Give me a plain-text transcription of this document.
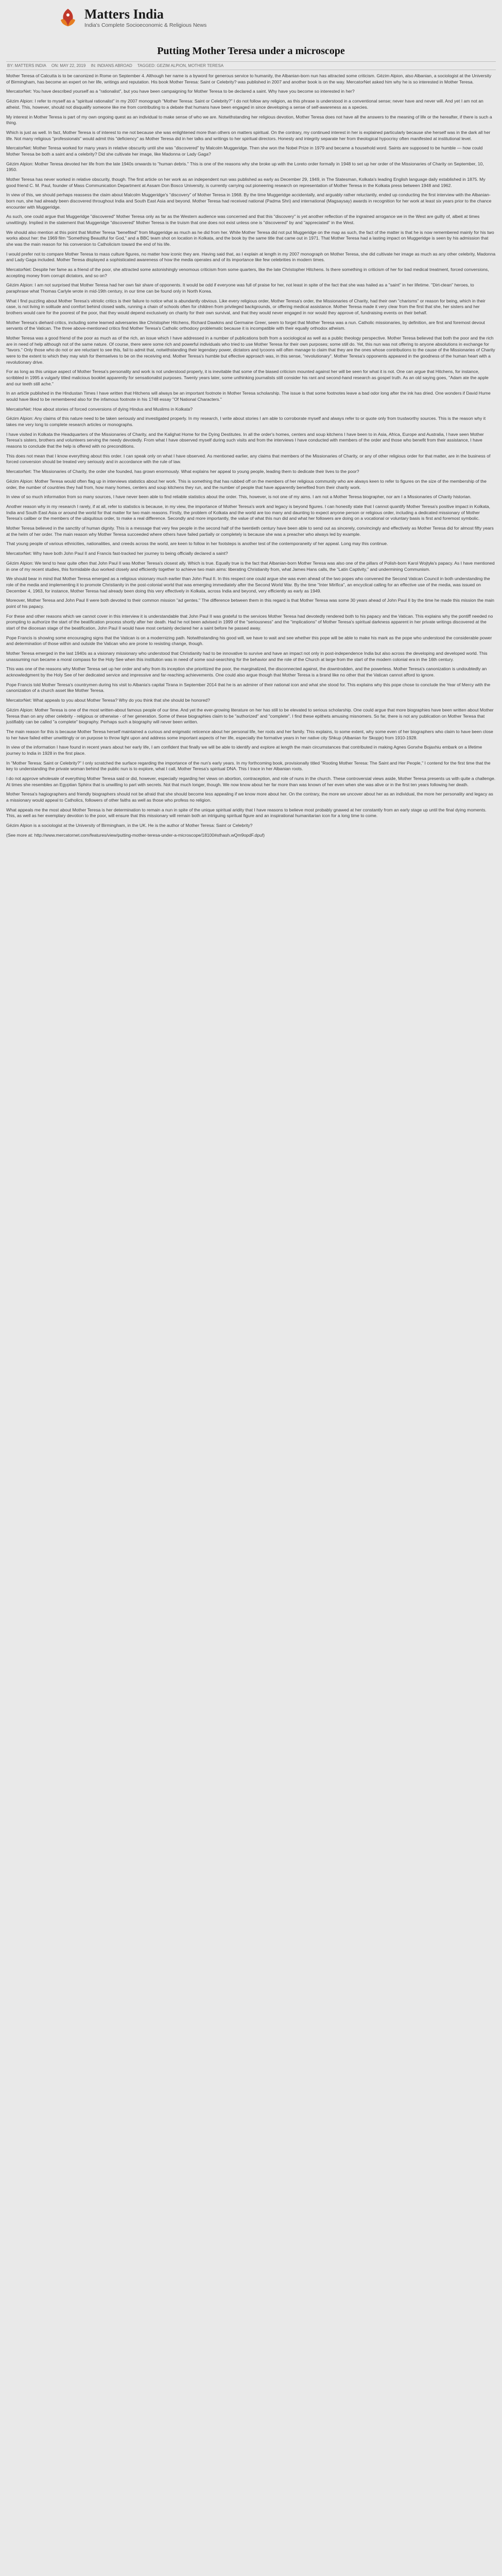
Matters India
India's Complete Socioeconomic & Religious News
Putting Mother Teresa under a microscope
BY: MATTERS INDIA ON: MAY 22, 2019 IN: INDIANS ABROAD TAGGED: GEZIM ALPION, MOTHER TERESA

Mother Teresa of Calcutta is to be canonized in Rome on September 4. Although her name is a byword for generous service to humanity, the Albanian-born nun has attracted some criticism. Gëzim Alpion, also Albanian, a sociologist at the University of Birmingham, has become an expert on her life, writings and reputation. His book Mother Teresa: Saint or Celebrity? was published in 2007 and another book is on the way. MercatorNet asked him why he is so interested in Mother Teresa.

MercatorNet: You have described yourself as a "rationalist", but you have been campaigning for Mother Teresa to be declared a saint. Why have you become so interested in her?

Gëzim Alpion: I refer to myself as a "spiritual rationalist" in my 2007 monograph "Mother Teresa: Saint or Celebrity?" I do not follow any religion, as this phrase is understood in a conventional sense; never have and never will. And yet I am not an atheist. This, however, should not disqualify someone like me from contributing to a debate that humans have been engaged in since developing a sense of self-awareness as a species.

My interest in Mother Teresa is part of my own ongoing quest as an individual to make sense of who we are. Notwithstanding her religious devotion, Mother Teresa does not have all the answers to the meaning of life or the hereafter, if there is such a thing.

Which is just as well. In fact, Mother Teresa is of interest to me not because she was enlightened more than others on matters spiritual. On the contrary, my continued interest in her is explained particularly because she herself was in the dark all her life. Not many religious "professionals" would admit this "deficiency" as Mother Teresa did in her talks and writings to her spiritual directors. Honesty and integrity separate her from theological hypocrisy often manifested at institutional level.

MercatorNet: Mother Teresa worked for many years in relative obscurity until she was "discovered" by Malcolm Muggeridge. Then she won the Nobel Prize in 1979 and became a household word. Saints are supposed to be humble — how could Mother Teresa be both a saint and a celebrity? Did she cultivate her image, like Madonna or Lady Gaga?

Gëzim Alpion: Mother Teresa devoted her life from the late 1940s onwards to "human debris." This is one of the reasons why she broke up with the Loreto order formally in 1948 to set up her order of the Missionaries of Charity on September, 10, 1950.

Mother Teresa has never worked in relative obscurity, though. The first article on her work as an independent nun was published as early as December 29, 1949, in The Statesman, Kolkata's leading English language daily established in 1875. My good friend C. M. Paul, founder of Mass Communication Department at Assam Don Bosco University, is currently carrying out pioneering research on representation of Mother Teresa in the Kolkata press between 1948 and 1962.

In view of this, we should perhaps reassess the claim about Malcolm Muggeridge's "discovery" of Mother Teresa in 1968. By the time Muggeridge accidentally, and arguably rather reluctantly, ended up conducting the first interview with the Albanian-born nun, she had already been discovered throughout India and South East Asia and beyond. Mother Teresa had received national (Padma Shri) and international (Magsaysay) awards in recognition for her work at least six years prior to the chance encounter with Muggeridge.

As such, one could argue that Muggeridge "discovered" Mother Teresa only as far as the Western audience was concerned and that this "discovery" is yet another reflection of the ingrained arrogance we in the West are guilty of, albeit at times unwittingly. Implied in the statement that Muggeridge "discovered" Mother Teresa is the truism that one does not exist unless one is "discovered" by and "appreciated" in the West.

We should also mention at this point that Mother Teresa "benefited" from Muggeridge as much as he did from her. While Mother Teresa did not put Muggeridge on the map as such, the fact of the matter is that he is now remembered mainly for his two works about her: the 1969 film "Something Beautiful for God," and a BBC team shot on location in Kolkata, and the book by the same title that came out in 1971. That Mother Teresa had a lasting impact on Muggeridge is seen by his admission that she was the main reason for his conversion to Catholicism toward the end of his life.

I would prefer not to compare Mother Teresa to mass culture figures, no matter how iconic they are. Having said that, as I explain at length in my 2007 monograph on Mother Teresa, she did cultivate her image as much as any other celebrity, Madonna and Lady Gaga included. Mother Teresa displayed a sophisticated awareness of how the media operates and of its importance like few celebrities in modern times.

MercatorNet: Despite her fame as a friend of the poor, she attracted some astonishingly venomous criticism from some quarters, like the late Christopher Hitchens. Is there something in criticism of her for bad medical treatment, forced conversions, accepting money from corrupt dictators, and so on?

Gëzim Alpion: I am not surprised that Mother Teresa had her own fair share of opponents. It would be odd if everyone was full of praise for her, not least in spite of the fact that she was hailed as a "saint" in her lifetime. "Dirt-clean" heroes, to paraphrase what Thomas Carlyle wrote in mid-19th century, in our time can be found only in North Korea.

What I find puzzling about Mother Teresa's vitriolic critics is their failure to notice what is abundantly obvious. Like every religious order, Mother Teresa's order, the Missionaries of Charity, had their own "charisms" or reason for being, which in their case, is not living in solitude and comfort behind closed walls, running a chain of schools often for children from privileged backgrounds, or offering medical assistance. Mother Teresa made it very clear from the first that she, her sisters and her brothers would care for the poorest of the poor, that they would depend exclusively on charity for their own survival, and that they would never engaged in nor would they approve of, fundraising events on their behalf.

Mother Teresa's diehard critics, including some learned adversaries like Christopher Hitchens, Richard Dawkins and Germaine Greer, seem to forget that Mother Teresa was a nun. Catholic missionaries, by definition, are first and foremost devout servants of the Vatican. The three above-mentioned critics find Mother Teresa's Catholic orthodoxy problematic because it is incompatible with their equally orthodox atheism.

Mother Teresa was a good friend of the poor as much as of the rich, an issue which I have addressed in a number of publications both from a sociological as well as a public theology perspective. Mother Teresa believed that both the poor and the rich are in need of help although not of the same nature. Of course, there were some rich and powerful individuals who tried to use Mother Teresa for their own purposes; some still do. Yet, this nun was not offering to anyone absolutions in exchange for "favors." Only those who do not or are reluctant to see this, fail to admit that, notwithstanding their legendary power, dictators and tycoons will often manage to claim that they are the ones whose contributions to the cause of the Missionaries of Charity were to the extent to which they may wish for themselves to be on the receiving end. Mother Teresa's humble but effective approach was, in this sense, "revolutionary". Mother Teresa's opponents appeared in the goodness of the human heart with a revolutionary drive.

For as long as this unique aspect of Mother Teresa's personality and work is not understood properly, it is inevitable that some of the biased criticism mounted against her will be seen for what it is not. One can argue that Hitchens, for instance, scribbled in 1995 a vulgarly titled malicious booklet apparently for sensationalist purposes. Twenty years later, some unthinking journalists still consider his rant and second-hand research as gospel truth. As an old saying goes, "Adam ate the apple and our teeth still ache."

In an article published in the Hindustan Times I have written that Hitchens will always be an important footnote in Mother Teresa scholarship. The issue is that some footnotes leave a bad odor long after the ink has dried. One wonders if David Hume would have liked to be remembered also for the infamous footnote in his 1748 essay "Of National Characters."

MercatorNet: How about stories of forced conversions of dying Hindus and Muslims in Kolkata?

Gëzim Alpion: Any claims of this nature need to be taken seriously and investigated properly. In my research, I write about stories I am able to corroborate myself and always refer to or quote only from trustworthy sources. This is the reason why it takes me very long to complete research articles or monographs.

I have visited in Kolkata the Headquarters of the Missionaries of Charity, and the Kalighat Home for the Dying Destitutes. In all the order's homes, centers and soup kitchens I have been to in Asia, Africa, Europe and Australia, I have seen Mother Teresa's sisters, brothers and volunteers serving the needy devotedly. From what I have observed myself during such visits and from the interviews I have conducted with members of the order and those who benefit from their assistance, I have reasons to conclude that the help is offered with no preconditions.

This does not mean that I know everything about this order. I can speak only on what I have observed. As mentioned earlier, any claims that members of the Missionaries of Charity, or any of other religious order for that matter, are in the business of forced conversion should be treated very seriously and in accordance with the rule of law.

MercatorNet: The Missionaries of Charity, the order she founded, has grown enormously. What explains her appeal to young people, leading them to dedicate their lives to the poor?

Gëzim Alpion: Mother Teresa would often flag up in interviews statistics about her work. This is something that has rubbed off on the members of her religious community who are always keen to refer to figures on the size of the membership of the order, the number of countries they hail from, how many homes, centers and soup kitchens they run, and the number of people that have apparently benefited from their charity work.

In view of so much information from so many sources, I have never been able to find reliable statistics about the order. This, however, is not one of my aims. I am not a Mother Teresa biographer, nor am I a Missionaries of Charity historian.

Another reason why in my research I rarely, if at all, refer to statistics is because, in my view, the importance of Mother Teresa's work and legacy is beyond figures. I can honestly state that I cannot quantify Mother Teresa's positive impact in Kolkata, India and South East Asia or around the world for that matter for two main reasons. Firstly, the problem of Kolkata and the world are too many and daunting to expect anyone person or religious order, including a dedicated missionary of Mother Teresa's caliber or the members of the ubiquitous order, to make a real difference. Secondly and more importantly, the value of what this nun did and what her followers are doing on a vocational or voluntary basis is first and foremost symbolic.

Mother Teresa believed in the sanctity of human dignity. This is a message that very few people in the second half of the twentieth century have been able to send out as sincerely, convincingly and effectively as Mother Teresa did for almost fifty years at the helm of her order. The main reason why Mother Teresa succeeded where others have failed partially or completely is because she was a preacher who always led by example.

That young people of various ethnicities, nationalities, and creeds across the world, are keen to follow in her footsteps is another test of the contemporaneity of her appeal. Long may this continue.

MercatorNet: Why have both John Paul II and Francis fast-tracked her journey to being officially declared a saint?

Gëzim Alpion: We tend to hear quite often that John Paul II was Mother Teresa's closest ally. Which is true. Equally true is the fact that Albanian-born Mother Teresa was also one of the pillars of Polish-born Karol Wojtyła's papacy. As I have mentioned in one of my recent studies, this formidable duo worked closely and efficiently together to achieve two main aims: liberating Christianity from, what James Hans calls, the "Latin Captivity," and undermining Communism.

We should bear in mind that Mother Teresa emerged as a religious visionary much earlier than John Paul II. In this respect one could argue she was even ahead of the two popes who convened the Second Vatican Council in both understanding the role of the media and implementing it to promote Christianity in the post-colonial world that was emerging immediately after the Second World War. By the time "Inter Mirifica", an encyclical calling for an effective use of the media, was issued on December 4, 1963, for instance, Mother Teresa had already been doing this very effectively in Kolkata, across India and beyond, very efficiently as early as 1949.

Moreover, Mother Teresa and John Paul II were both devoted to their common mission "ad gentes." The difference between them in this regard is that Mother Teresa was some 30 years ahead of John Paul II by the time he made this mission the main point of his papacy.

For these and other reasons which we cannot cover in this interview it is understandable that John Paul II was grateful to the services Mother Teresa had devotedly rendered both to his papacy and the Vatican. This explains why the pontiff needed no prompting to authorize the start of the beatification process shortly after her death. Had he not been advised in 1999 of the "seriousness" and the "implications" of Mother Teresa's spiritual darkness apparent in her private writings discovered at the start of the diocesan stage of the beatification, John Paul II would have most certainly declared her a saint before he passed away.

Pope Francis is showing some encouraging signs that the Vatican is on a modernizing path. Notwithstanding his good will, we have to wait and see whether this pope will be able to make his mark as the pope who understood the considerable power and determination of those within and outside the Vatican who are prone to resisting change, though.

Mother Teresa emerged in the last 1940s as a visionary missionary who understood that Christianity had to be innovative to survive and have an impact not only in post-independence India but also across the developing and developed world. This unassuming nun became a moral compass for the Holy See when this institution was in need of some soul-searching for the behavior and the role of the Church at large from the start of the modern colonial era in the 16th century.

This was one of the reasons why Mother Teresa set up her order and why from its inception she prioritized the poor, the marginalized, the disconnected against, the downtrodden, and the powerless. Mother Teresa's canonization is undoubtedly an acknowledgment by the Holy See of her dedicated service and impressive and far-reaching achievements. One could also argue though that Mother Teresa is a brand like no other that the Vatican cannot afford to ignore.

Pope Francis told Mother Teresa's countrymen during his visit to Albania's capital Tirana in September 2014 that he is an admirer of their national icon and what she stood for. This explains why this pope chose to conclude the Year of Mercy with the canonization of a church asset like Mother Teresa.

MercatorNet: What appeals to you about Mother Teresa? Why do you think that she should be honored?

Gëzim Alpion: Mother Teresa is one of the most written-about famous people of our time. And yet the ever-growing literature on her has still to be elevated to serious scholarship. One could argue that more biographies have been written about Mother Teresa than on any other celebrity - religious or otherwise - of her generation. Some of these biographies claim to be "authorized" and "complete". I find these epithets amusing misnomers. So far, there is not any publication on Mother Teresa that justifiably can be called "a complete" biography. Perhaps such a biography will never been written.

The main reason for this is because Mother Teresa herself maintained a curious and enigmatic reticence about her personal life, her roots and her family. This explains, to some extent, why some even of her biographers who claim to have been close to her have failed either unwittingly or on purpose to throw light upon and address some important aspects of her life, especially the formative years in her native city Shkup (Albanian for Skopje) from 1910-1928.

In view of the information I have found in recent years about her early life, I am confident that finally we will be able to identify and explore at length the main circumstances that contributed in making Agnes Gonxhe Bojaxhiu embark on a lifetime journey to India in 1928 in the first place.

In "Mother Teresa: Saint or Celebrity?" I only scratched the surface regarding the importance of the nun's early years. In my forthcoming book, provisionally titled "Rooting Mother Teresa: The Saint and Her People," I contend for the first time that the key to understanding the private woman behind the public nun is to explore, what I call, Mother Teresa's spiritual DNA. This I trace in her Albanian roots.

I do not approve wholesale of everything Mother Teresa said or did, however, especially regarding her views on abortion, contraception, and role of nuns in the church. These controversial views aside, Mother Teresa presents us with quite a challenge. At times she resembles an Egyptian Sphinx that is unwilling to part with secrets. Not that much longer, though. We now know about her far more than was known of her even when she was alive or in the first ten years following her death.

Mother Teresa's hagiographers and friendly biographers should not be afraid that she should become less appealing if we know more about her. On the contrary, the more we uncover about her as an individual, the more her personality and legacy as a missionary would appeal to Catholics, followers of other faiths as well as those who profess no religion.

What appeals me the most about Mother Teresa is her determination to remain a nun in spite of the unique spiritual aridity that I have reasons to believe most probably gnawed at her constantly from an early stage up until the final dying moments. This, as well as her exemplary devotion to the poor, will ensure that this missionary will remain both an intriguing spiritual figure and an inspirational humanitarian icon for a long time to come.

Gëzim Alpion is a sociologist at the University of Birmingham, in the UK. He is the author of Mother Teresa: Saint or Celebrity?

(See more at: http://www.mercatornet.com/features/view/putting-mother-teresa-under-a-microscope/18100#sthash.wQm9opdF.dpuf)
